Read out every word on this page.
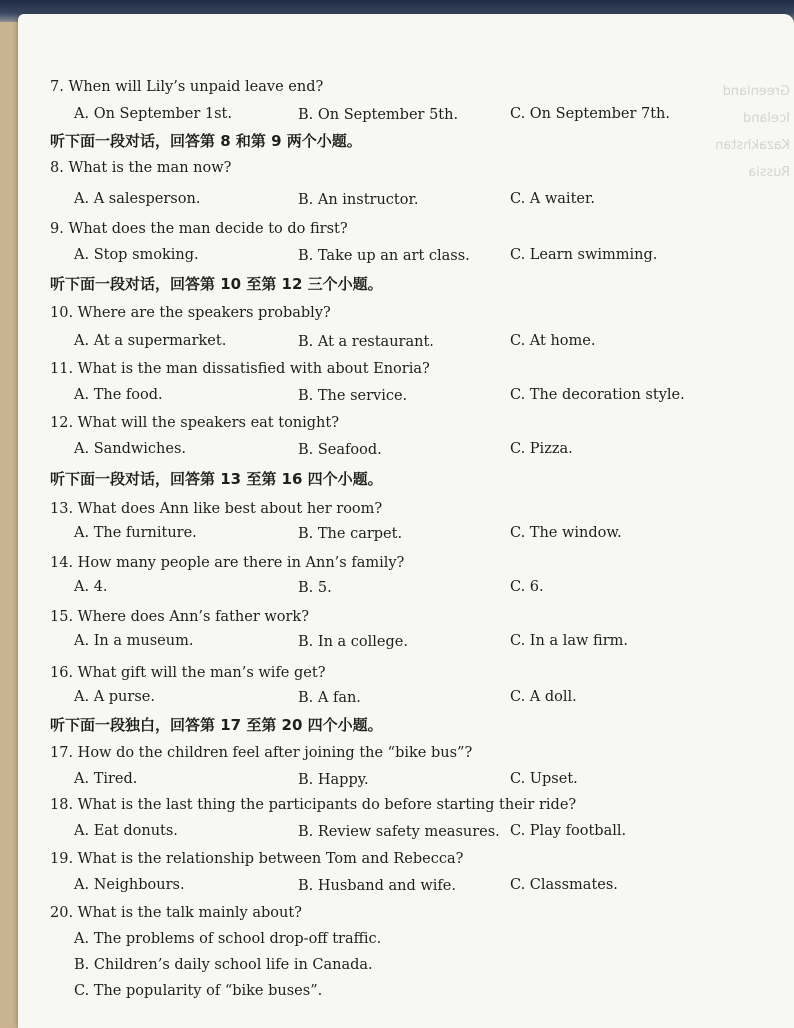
Greenland
Iceland
Kazakhstan
Russia
7. When will Lily’s unpaid leave end?
A. On September 1st.	B. On September 5th.	C. On September 7th.
听下面一段对话，回答第 8 和第 9 两个小题。
8. What is the man now?
A. A salesperson.	B. An instructor.	C. A waiter.
9. What does the man decide to do first?
A. Stop smoking.	B. Take up an art class.	C. Learn swimming.
听下面一段对话，回答第 10 至第 12 三个小题。
10. Where are the speakers probably?
A. At a supermarket.	B. At a restaurant.	C. At home.
11. What is the man dissatisfied with about Enoria?
A. The food.	B. The service.	C. The decoration style.
12. What will the speakers eat tonight?
A. Sandwiches.	B. Seafood.	C. Pizza.
听下面一段对话，回答第 13 至第 16 四个小题。
13. What does Ann like best about her room?
A. The furniture.	B. The carpet.	C. The window.
14. How many people are there in Ann’s family?
A. 4.	B. 5.	C. 6.
15. Where does Ann’s father work?
A. In a museum.	B. In a college.	C. In a law firm.
16. What gift will the man’s wife get?
A. A purse.	B. A fan.	C. A doll.
听下面一段独白，回答第 17 至第 20 四个小题。
17. How do the children feel after joining the “bike bus”?
A. Tired.	B. Happy.	C. Upset.
18. What is the last thing the participants do before starting their ride?
A. Eat donuts.	B. Review safety measures. C. Play football.
19. What is the relationship between Tom and Rebecca?
A. Neighbours.	B. Husband and wife.	C. Classmates.
20. What is the talk mainly about?
A. The problems of school drop-off traffic.
B. Children’s daily school life in Canada.
C. The popularity of “bike buses”.
